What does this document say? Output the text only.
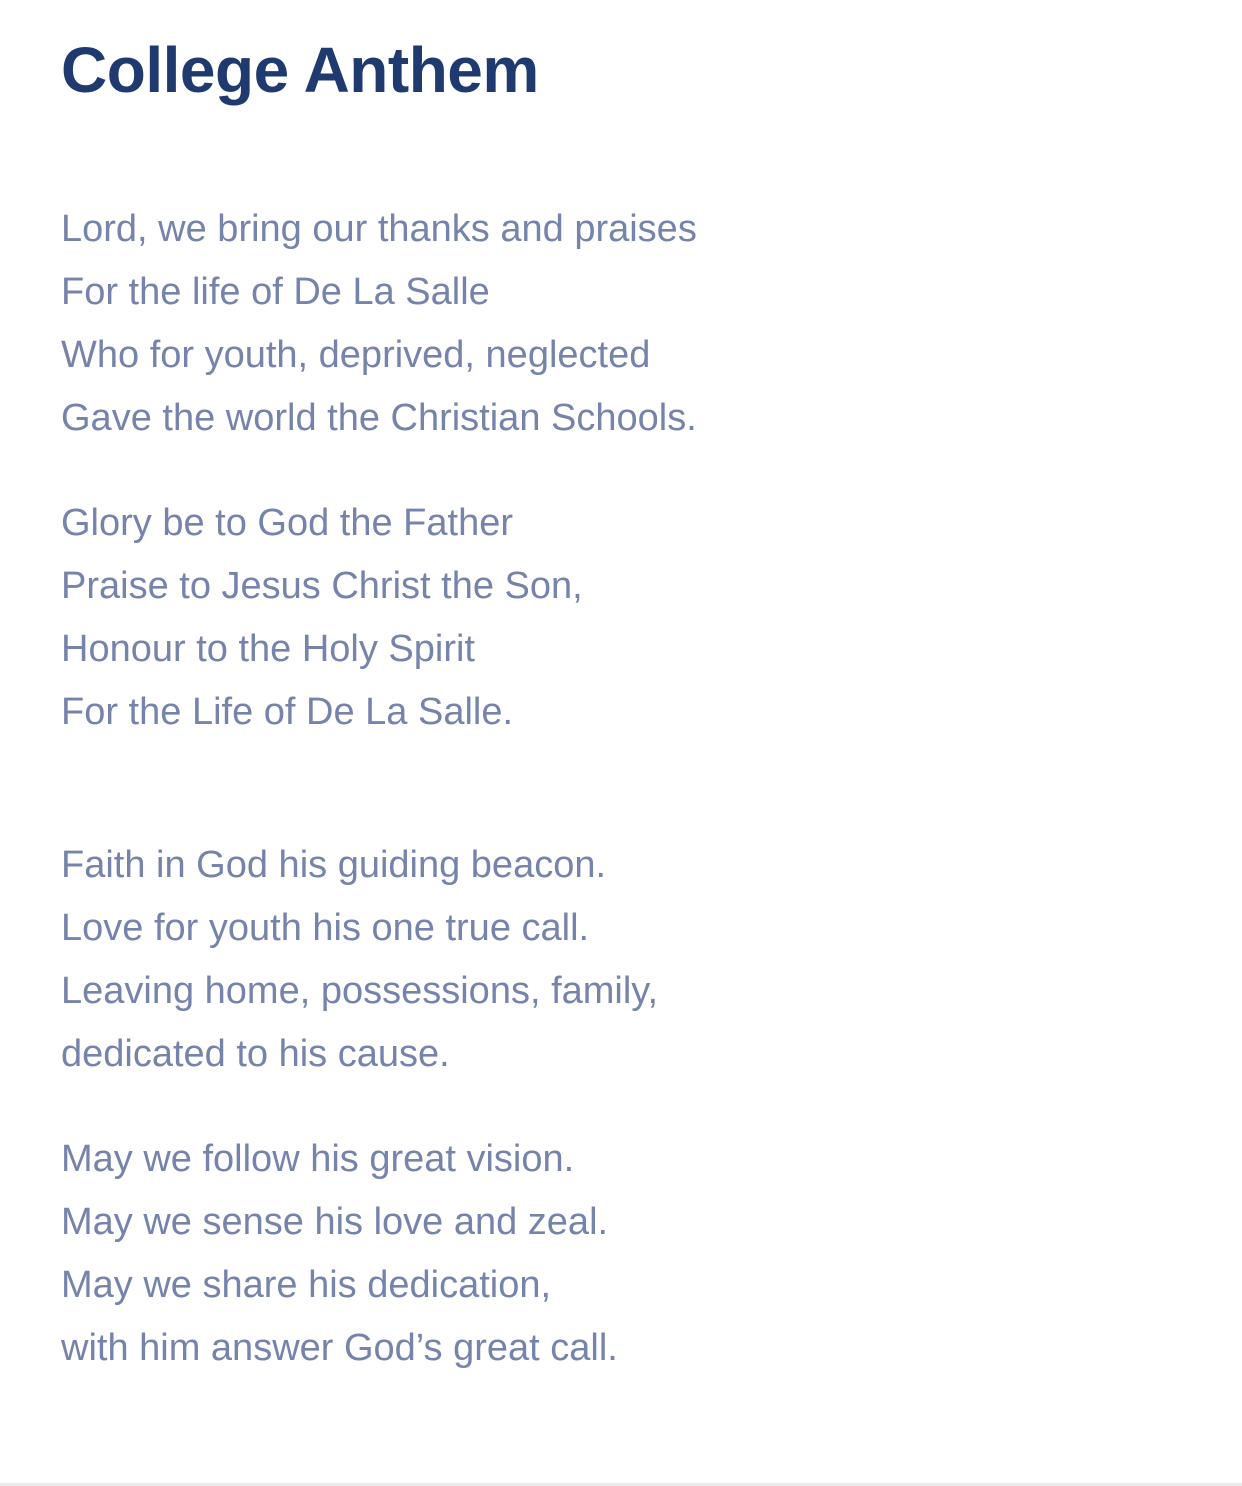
College Anthem
Lord, we bring our thanks and praises
For the life of De La Salle
Who for youth, deprived, neglected
Gave the world the Christian Schools.
Glory be to God the Father
Praise to Jesus Christ the Son,
Honour to the Holy Spirit
For the Life of De La Salle.
Faith in God his guiding beacon.
Love for youth his one true call.
Leaving home, possessions, family,
dedicated to his cause.
May we follow his great vision.
May we sense his love and zeal.
May we share his dedication,
with him answer God’s great call.
